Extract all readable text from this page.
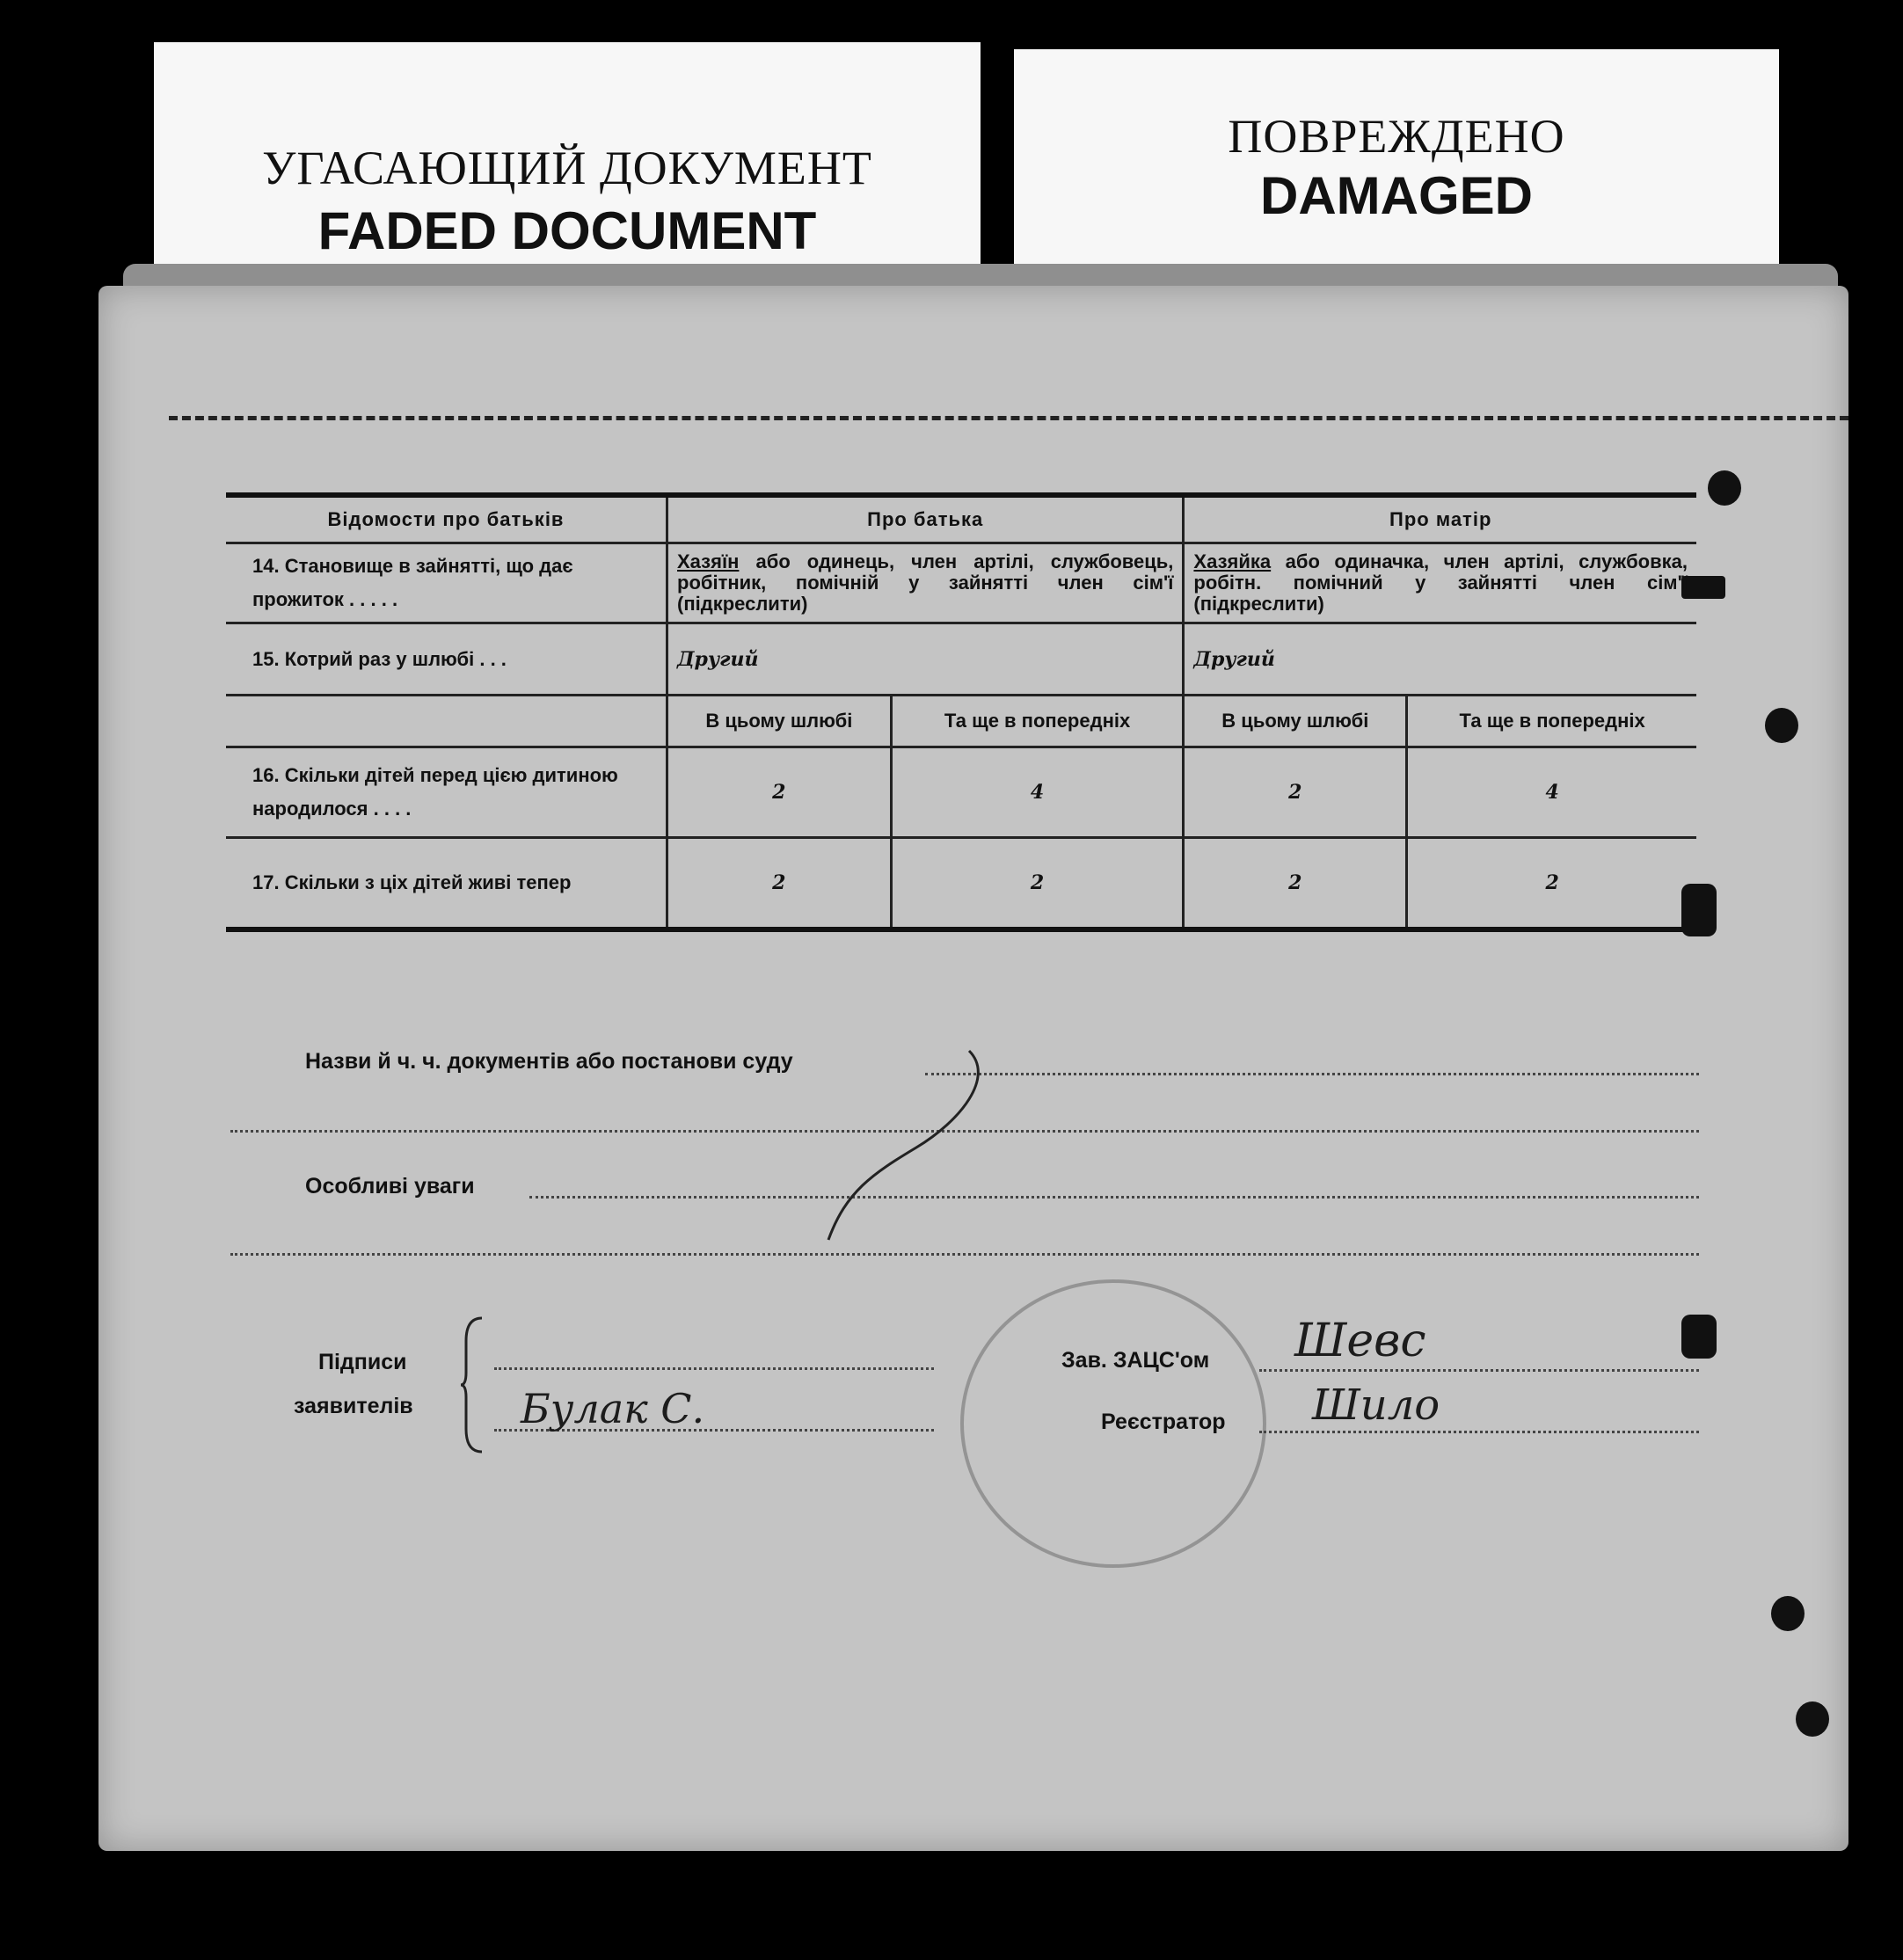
УГАСАЮЩИЙ ДОКУМЕНТ
FADED DOCUMENT
ПОВРЕЖДЕНО
DAMAGED
Відомости про батьків	Про батька		Про матір	
14. Становище в зайнятті, що дає прожиток . . . . .	Хазяїн або одинець, член артілі, службовець, робітник, помічній у зайнятті член сім'ї (підкреслити)		Хазяйка або одиначка, член артілі, службовка, робітн. помічний у зайнятті член сім'ї (підкреслити)	
15. Котрий раз у шлюбі . . .	Другий		Другий	
	В цьому шлюбі	Та ще в попередніх	В цьому шлюбі	Та ще в попередніх
16. Скільки дітей перед цією дитиною народилося . . . .	2	4	2	4
17. Скільки з ціх дітей живі тепер	2	2	2	2
Назви й ч. ч. документів або постанови суду
Особливі уваги
Підписи
заявителів	Булак С.
Зав. ЗАЦС'ом Шевс
Реєстратор Шило
